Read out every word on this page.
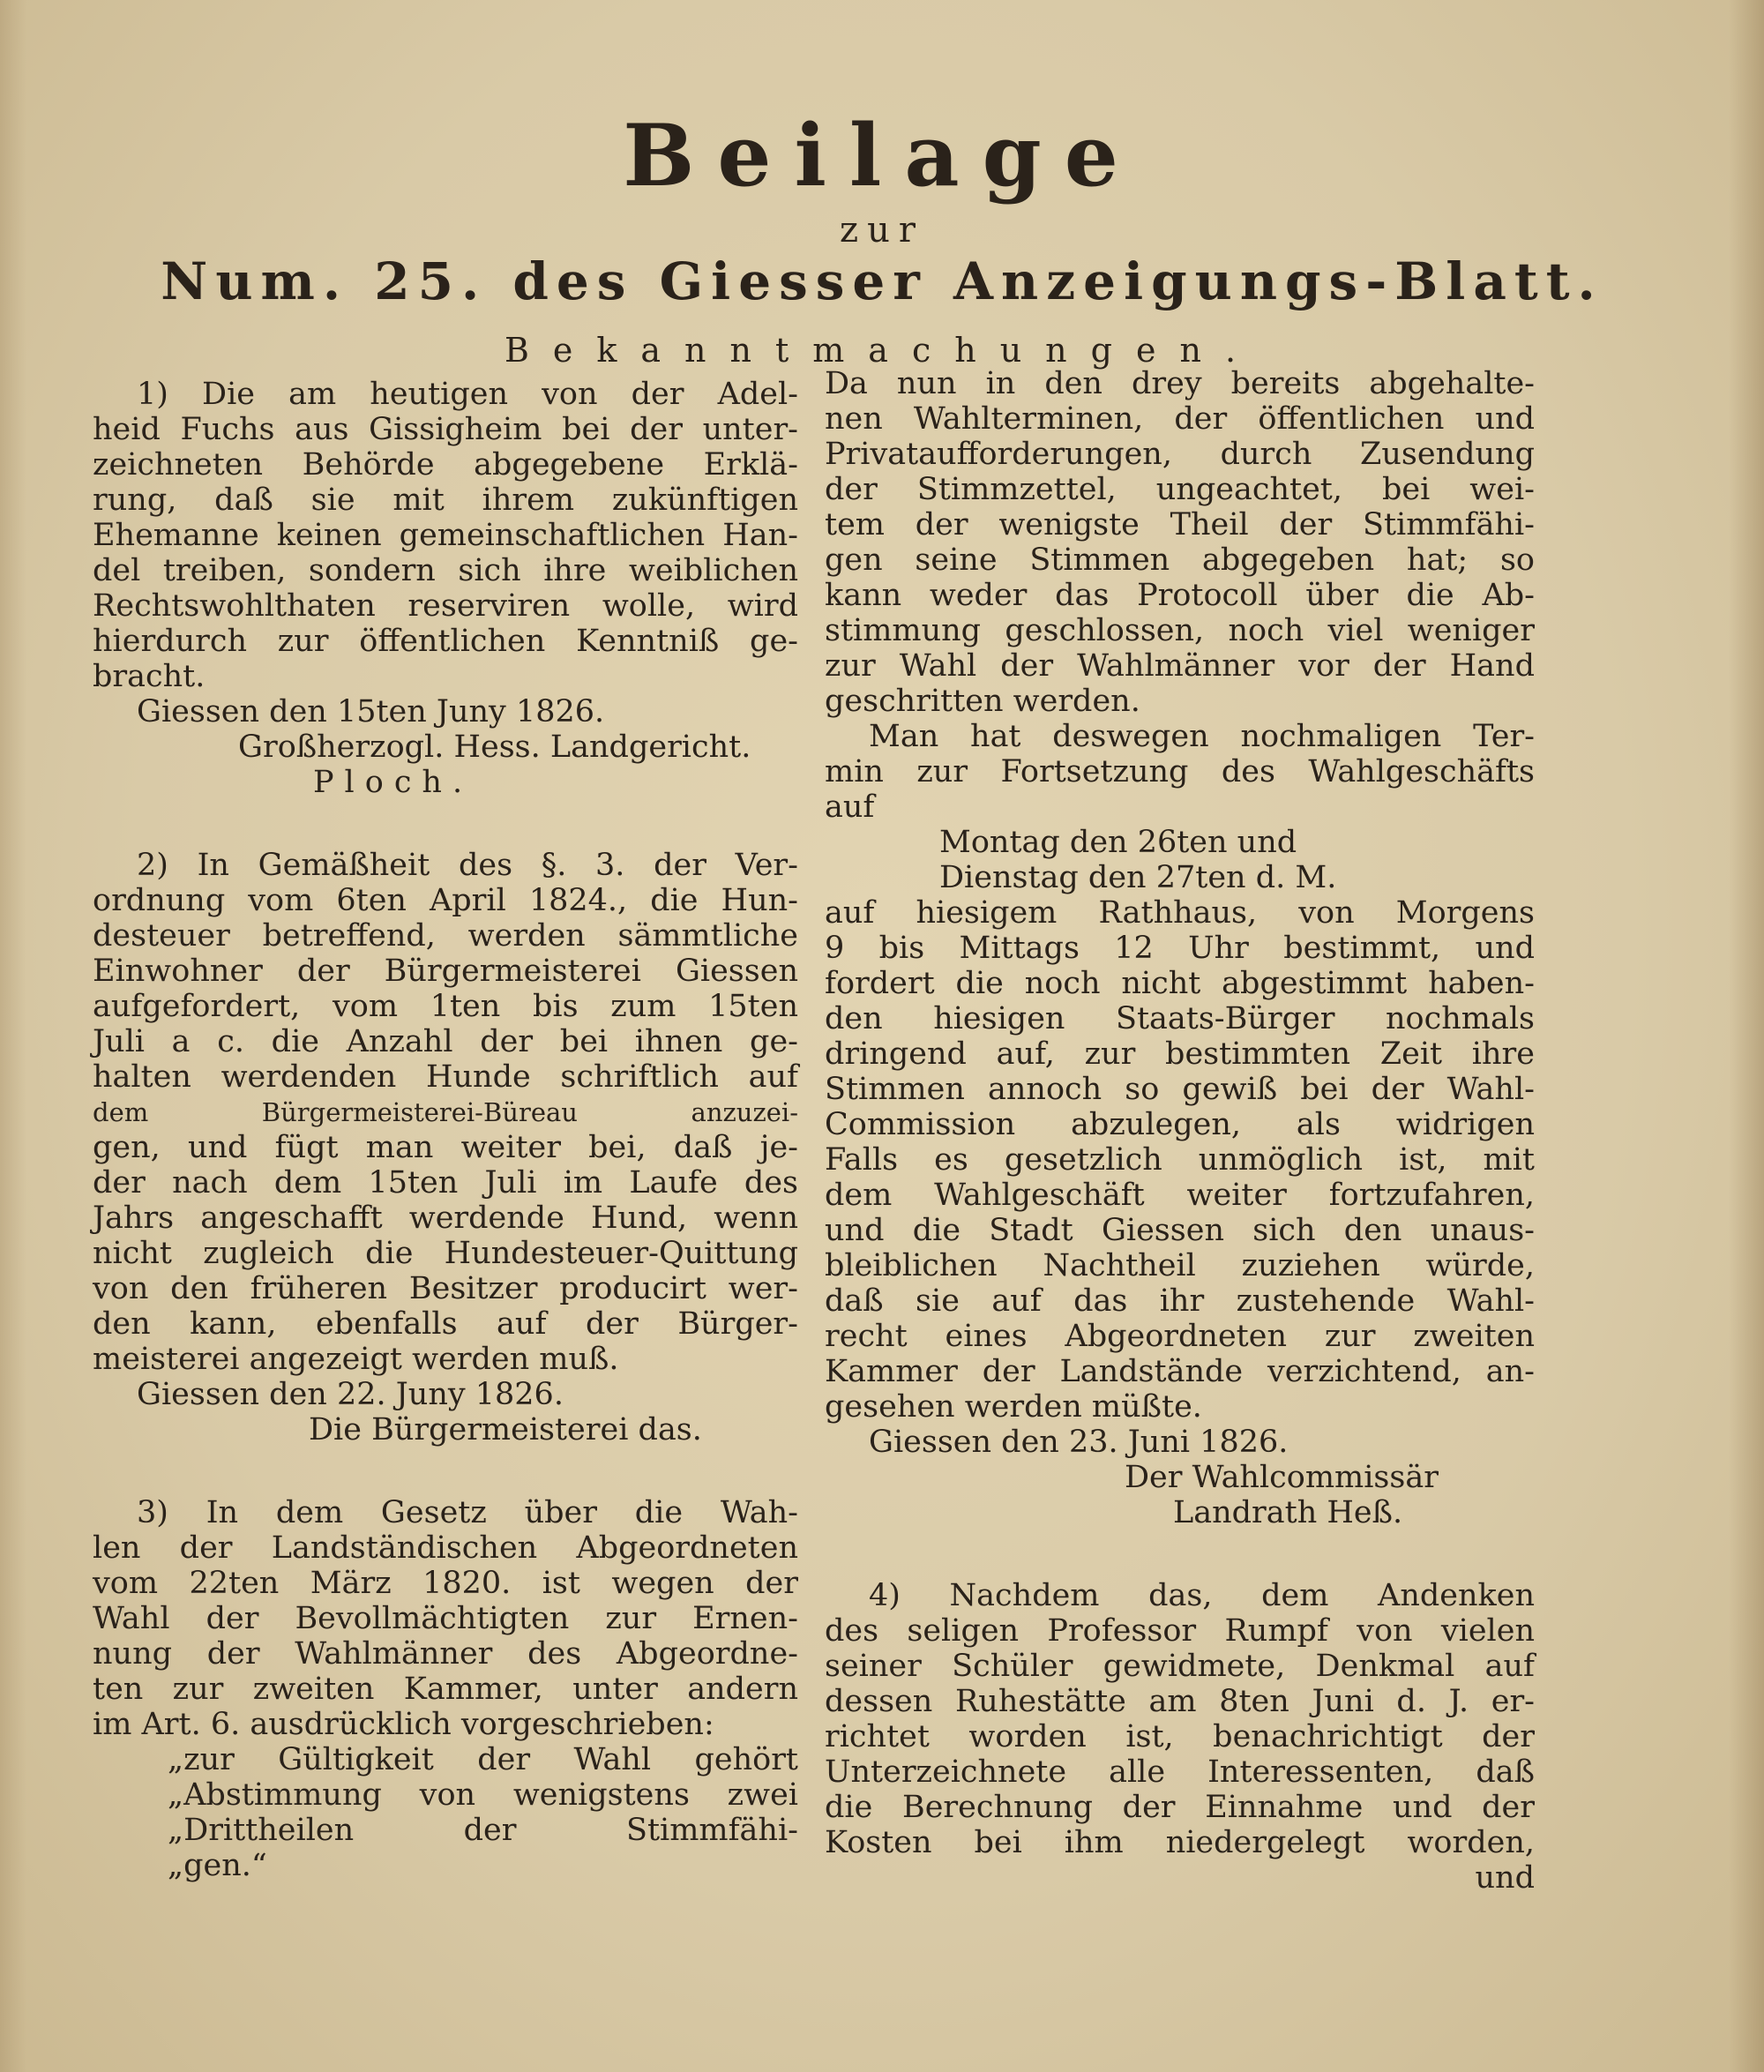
Beilage
zur
Num. 25. des Giesser Anzeigungs-Blatt.
Bekanntmachungen.

1) Die am heutigen von der Adel-

heid Fuchs aus Gissigheim bei der unter-

zeichneten Behörde abgegebene Erklä-

rung, daß sie mit ihrem zukünftigen

Ehemanne keinen gemeinschaftlichen Han-

del treiben, sondern sich ihre weiblichen

Rechtswohlthaten reserviren wolle, wird

hierdurch zur öffentlichen Kenntniß ge-

bracht.

Giessen den 15ten Juny 1826.

Großherzogl. Hess. Landgericht.

Ploch.

2) In Gemäßheit des §. 3. der Ver-

ordnung vom 6ten April 1824., die Hun-

desteuer betreffend, werden sämmtliche

Einwohner der Bürgermeisterei Giessen

aufgefordert, vom 1ten bis zum 15ten

Juli a c. die Anzahl der bei ihnen ge-

halten werdenden Hunde schriftlich auf

dem Bürgermeisterei-Büreau anzuzei-

gen, und fügt man weiter bei, daß je-

der nach dem 15ten Juli im Laufe des

Jahrs angeschafft werdende Hund, wenn

nicht zugleich die Hundesteuer-Quittung

von den früheren Besitzer producirt wer-

den kann, ebenfalls auf der Bürger-

meisterei angezeigt werden muß.

Giessen den 22. Juny 1826.

Die Bürgermeisterei das.

3) In dem Gesetz über die Wah-

len der Landständischen Abgeordneten

vom 22ten März 1820. ist wegen der

Wahl der Bevollmächtigten zur Ernen-

nung der Wahlmänner des Abgeordne-

ten zur zweiten Kammer, unter andern

im Art. 6. ausdrücklich vorgeschrieben:

„zur Gültigkeit der Wahl gehört

„Abstimmung von wenigstens zwei

„Drittheilen der Stimmfähi-

„gen.“

Da nun in den drey bereits abgehalte-

nen Wahlterminen, der öffentlichen und

Privataufforderungen, durch Zusendung

der Stimmzettel, ungeachtet, bei wei-

tem der wenigste Theil der Stimmfähi-

gen seine Stimmen abgegeben hat; so

kann weder das Protocoll über die Ab-

stimmung geschlossen, noch viel weniger

zur Wahl der Wahlmänner vor der Hand

geschritten werden.

Man hat deswegen nochmaligen Ter-

min zur Fortsetzung des Wahlgeschäfts

auf

Montag den 26ten und

Dienstag den 27ten d. M.

auf hiesigem Rathhaus, von Morgens

9 bis Mittags 12 Uhr bestimmt, und

fordert die noch nicht abgestimmt haben-

den hiesigen Staats-Bürger nochmals

dringend auf, zur bestimmten Zeit ihre

Stimmen annoch so gewiß bei der Wahl-

Commission abzulegen, als widrigen

Falls es gesetzlich unmöglich ist, mit

dem Wahlgeschäft weiter fortzufahren,

und die Stadt Giessen sich den unaus-

bleiblichen Nachtheil zuziehen würde,

daß sie auf das ihr zustehende Wahl-

recht eines Abgeordneten zur zweiten

Kammer der Landstände verzichtend, an-

gesehen werden müßte.

Giessen den 23. Juni 1826.

Der Wahlcommissär

Landrath Heß.

4) Nachdem das, dem Andenken

des seligen Professor Rumpf von vielen

seiner Schüler gewidmete, Denkmal auf

dessen Ruhestätte am 8ten Juni d. J. er-

richtet worden ist, benachrichtigt der

Unterzeichnete alle Interessenten, daß

die Berechnung der Einnahme und der

Kosten bei ihm niedergelegt worden,

und
